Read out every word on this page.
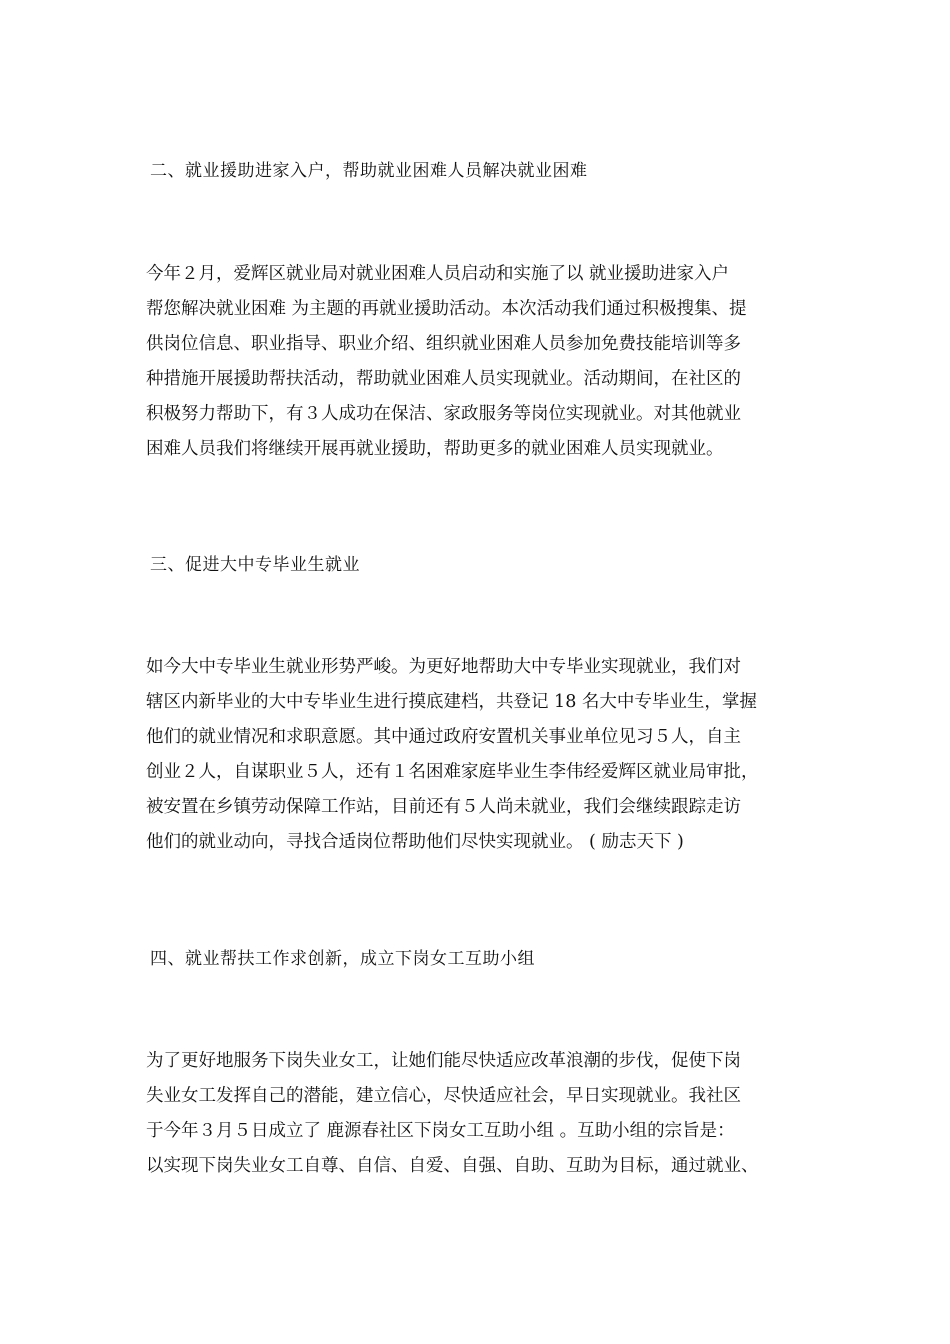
二、就业援助进家入户，帮助就业困难人员解决就业困难
今年２月，爱辉区就业局对就业困难人员启动和实施了以 就业援助进家入户
帮您解决就业困难 为主题的再就业援助活动。本次活动我们通过积极搜集、提
供岗位信息、职业指导、职业介绍、组织就业困难人员参加免费技能培训等多
种措施开展援助帮扶活动，帮助就业困难人员实现就业。活动期间，在社区的
积极努力帮助下，有３人成功在保洁、家政服务等岗位实现就业。对其他就业
困难人员我们将继续开展再就业援助，帮助更多的就业困难人员实现就业。
三、促进大中专毕业生就业
如今大中专毕业生就业形势严峻。为更好地帮助大中专毕业实现就业，我们对
辖区内新毕业的大中专毕业生进行摸底建档，共登记 18 名大中专毕业生，掌握
他们的就业情况和求职意愿。其中通过政府安置机关事业单位见习５人，自主
创业２人，自谋职业５人，还有１名困难家庭毕业生李伟经爱辉区就业局审批，
被安置在乡镇劳动保障工作站，目前还有５人尚未就业，我们会继续跟踪走访
他们的就业动向，寻找合适岗位帮助他们尽快实现就业。 ( 励志天下 )
四、就业帮扶工作求创新，成立下岗女工互助小组
为了更好地服务下岗失业女工，让她们能尽快适应改革浪潮的步伐，促使下岗
失业女工发挥自己的潜能，建立信心，尽快适应社会，早日实现就业。我社区
于今年３月５日成立了 鹿源春社区下岗女工互助小组 。互助小组的宗旨是：
以实现下岗失业女工自尊、自信、自爱、自强、自助、互助为目标，通过就业、
